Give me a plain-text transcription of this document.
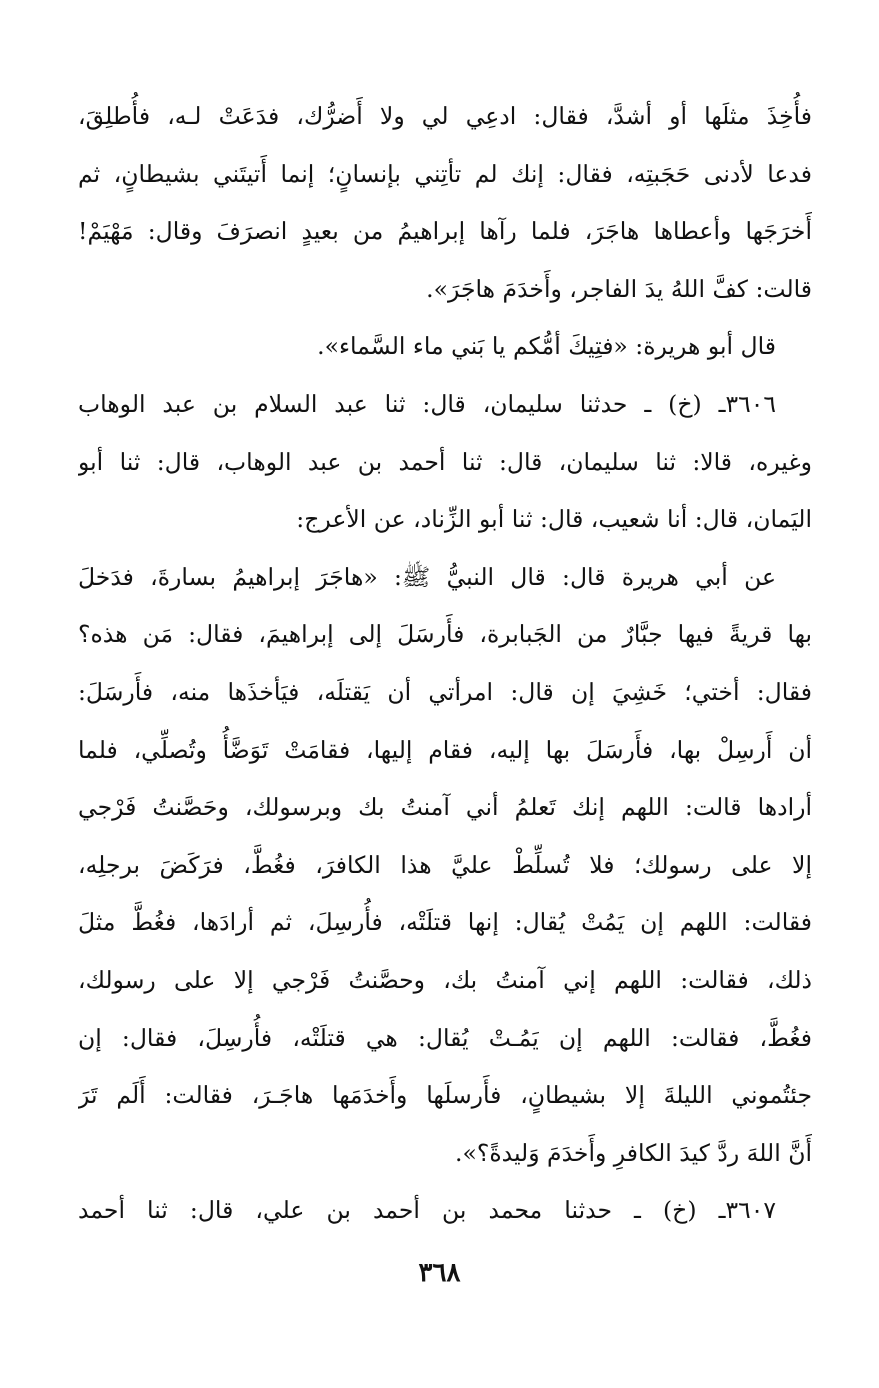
فأُخِذَ مثلَها أو أشدَّ، فقال: ادعِي لي ولا أَضرُّك، فدَعَتْ لـه، فأُطلِقَ،
فدعا لأدنى حَجَبتِه، فقال: إنك لم تأتِني بإنسانٍ؛ إنما أَتيتَني بشيطانٍ، ثم
أَخرَجَها وأعطاها هاجَرَ، فلما رآها إبراهيمُ من بعيدٍ انصرَفَ وقال: مَهْيَمْ!
قالت: كفَّ اللهُ يدَ الفاجر، وأَخدَمَ هاجَرَ».
قال أبو هريرة: «فتِيكَ أمُّكم يا بَني ماء السَّماء».
٣٦٠٦ـ (خ) ـ حدثنا سليمان، قال: ثنا عبد السلام بن عبد الوهاب
وغيره، قالا: ثنا سليمان، قال: ثنا أحمد بن عبد الوهاب، قال: ثنا أبو
اليَمان، قال: أنا شعيب، قال: ثنا أبو الزِّناد، عن الأعرج:
عن أبي هريرة قال: قال النبيُّ ﷺ: «هاجَرَ إبراهيمُ بسارةَ، فدَخلَ
بها قريةً فيها جبَّارٌ من الجَبابرة، فأَرسَلَ إلى إبراهيمَ، فقال: مَن هذه؟
فقال: أختي؛ خَشِيَ إن قال: امرأتي أن يَقتلَه، فيَأخذَها منه، فأَرسَلَ:
أن أَرسِلْ بها، فأَرسَلَ بها إليه، فقام إليها، فقامَتْ تَوَضَّأُ وتُصلِّي، فلما
أرادها قالت: اللهم إنك تَعلمُ أني آمنتُ بك وبرسولك، وحَصَّنتُ فَرْجي
إلا على رسولك؛ فلا تُسلِّطْ عليَّ هذا الكافرَ، فغُطَّ، فرَكَضَ برجلِه،
فقالت: اللهم إن يَمُتْ يُقال: إنها قتلَتْه، فأُرسِلَ، ثم أرادَها، فغُطَّ مثلَ
ذلك، فقالت: اللهم إني آمنتُ بك، وحصَّنتُ فَرْجي إلا على رسولك،
فغُطَّ، فقالت: اللهم إن يَمُـتْ يُقال: هي قتلَتْه، فأُرسِلَ، فقال: إن
جئتُموني الليلةَ إلا بشيطانٍ، فأَرسلَها وأَخدَمَها هاجَـرَ، فقالت: أَلَم تَرَ
أَنَّ اللهَ ردَّ كيدَ الكافرِ وأَخدَمَ وَليدةً؟».
٣٦٠٧ـ (خ) ـ حدثنا محمد بن أحمد بن علي، قال: ثنا أحمد
٣٦٨
